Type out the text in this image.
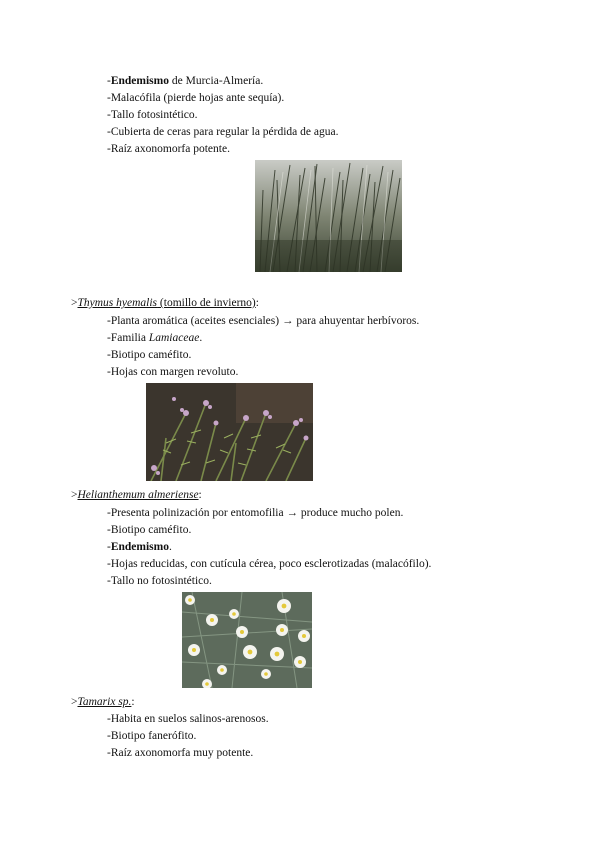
-Endemismo de Murcia-Almería.
-Malacófila (pierde hojas ante sequía).
-Tallo fotosintético.
-Cubierta de ceras para regular la pérdida de agua.
-Raíz axonomorfa potente.
>Thymus hyemalis (tomillo de invierno):
-Planta aromática (aceites esenciales) → para ahuyentar herbívoros.
-Familia Lamiaceae.
-Biotipo caméfito.
-Hojas con margen revoluto.
>Helianthemum almeriense:
-Presenta polinización por entomofilia → produce mucho polen.
-Biotipo caméfito.
-Endemismo.
-Hojas reducidas, con cutícula cérea, poco esclerotizadas (malacófilo).
-Tallo no fotosintético.
>Tamarix sp.:
-Habita en suelos salinos-arenosos.
-Biotipo fanerófito.
-Raíz axonomorfa muy potente.
